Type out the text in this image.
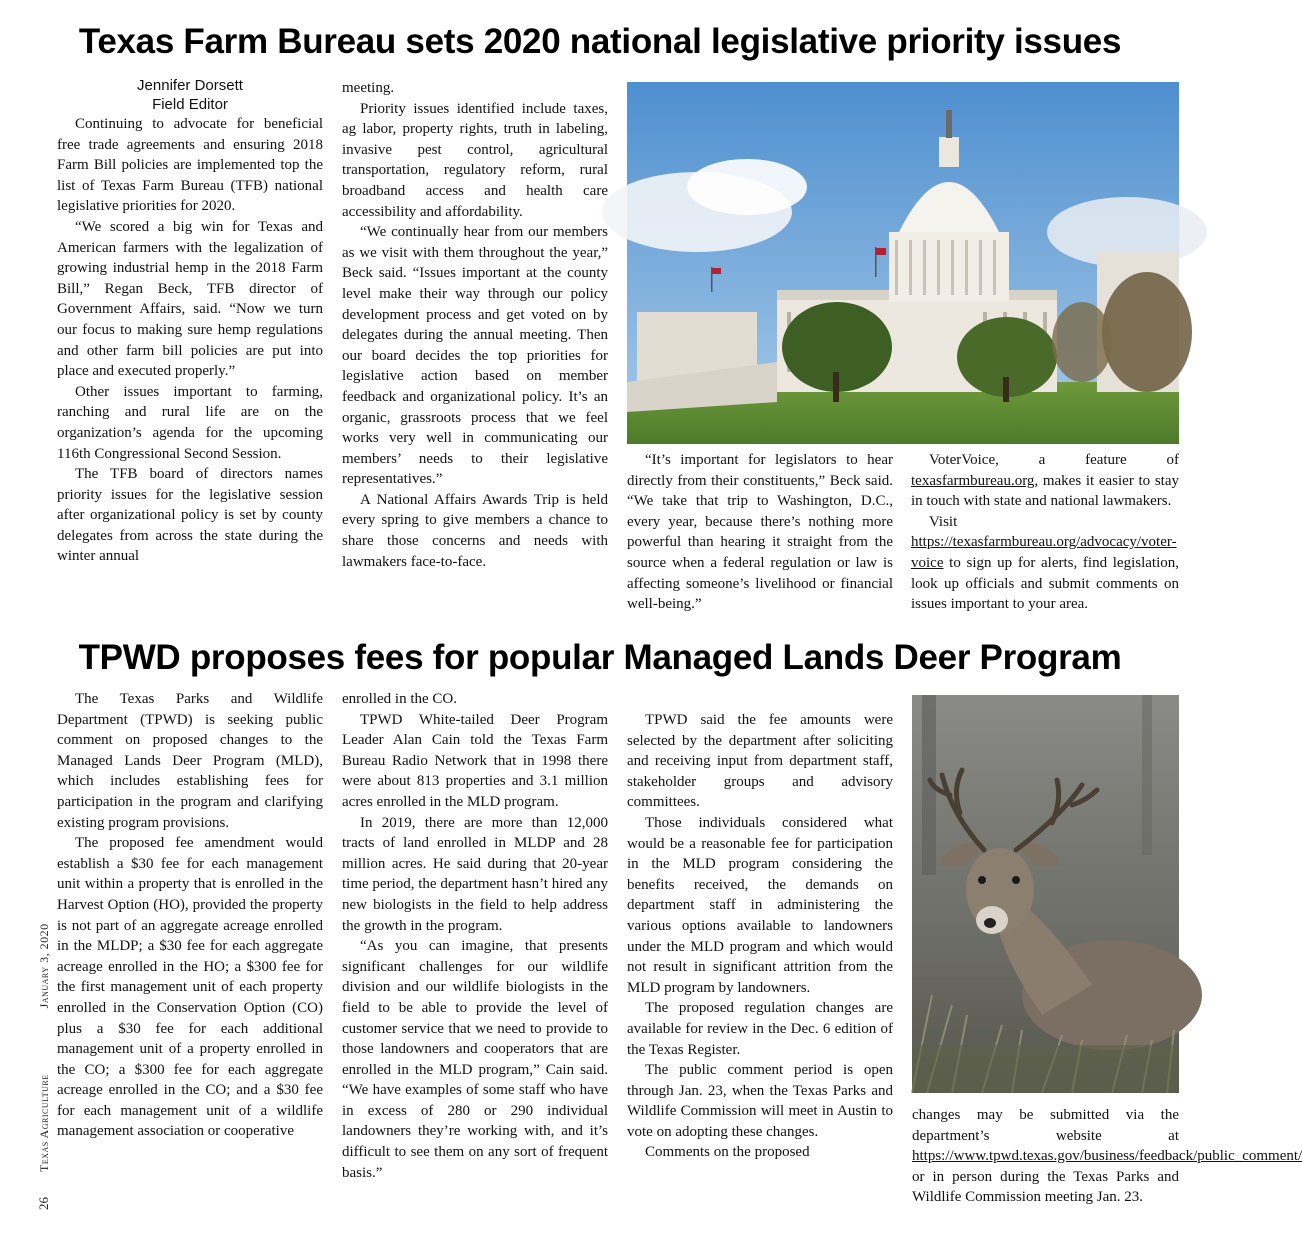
Texas Farm Bureau sets 2020 national legislative priority issues
Jennifer Dorsett
Field Editor

Continuing to advocate for beneficial free trade agreements and ensuring 2018 Farm Bill policies are implemented top the list of Texas Farm Bureau (TFB) national legislative priorities for 2020.

“We scored a big win for Texas and American farmers with the legalization of growing industrial hemp in the 2018 Farm Bill,” Regan Beck, TFB director of Government Affairs, said. “Now we turn our focus to making sure hemp regulations and other farm bill policies are put into place and executed properly.”

Other issues important to farming, ranching and rural life are on the organization’s agenda for the upcoming 116th Congressional Second Session.

The TFB board of directors names priority issues for the legislative session after organizational policy is set by county delegates from across the state during the winter annual

meeting.

Priority issues identified include taxes, ag labor, property rights, truth in labeling, invasive pest control, agricultural transportation, regulatory reform, rural broadband access and health care accessibility and affordability.

“We continually hear from our members as we visit with them throughout the year,” Beck said. “Issues important at the county level make their way through our policy development process and get voted on by delegates during the annual meeting. Then our board decides the top priorities for legislative action based on member feedback and organizational policy. It’s an organic, grassroots process that we feel works very well in communicating our members’ needs to their legislative representatives.”

A National Affairs Awards Trip is held every spring to give members a chance to share those concerns and needs with lawmakers face-to-face.

“It’s important for legislators to hear directly from their constituents,” Beck said. “We take that trip to Washington, D.C., every year, because there’s nothing more powerful than hearing it straight from the source when a federal regulation or law is affecting someone’s livelihood or financial well-being.”

VoterVoice, a feature of texasfarmbureau.org, makes it easier to stay in touch with state and national lawmakers.

Visit https://texasfarmbureau.org/advocacy/voter-voice to sign up for alerts, find legislation, look up officials and submit comments on issues important to your area.

TPWD proposes fees for popular Managed Lands Deer Program

The Texas Parks and Wildlife Department (TPWD) is seeking public comment on proposed changes to the Managed Lands Deer Program (MLD), which includes establishing fees for participation in the program and clarifying existing program provisions.

The proposed fee amendment would establish a $30 fee for each management unit within a property that is enrolled in the Harvest Option (HO), provided the property is not part of an aggregate acreage enrolled in the MLDP; a $30 fee for each aggregate acreage enrolled in the HO; a $300 fee for the first management unit of each property enrolled in the Conservation Option (CO) plus a $30 fee for each additional management unit of a property enrolled in the CO; a $300 fee for each aggregate acreage enrolled in the CO; and a $30 fee for each management unit of a wildlife management association or cooperative

enrolled in the CO.

TPWD White-tailed Deer Program Leader Alan Cain told the Texas Farm Bureau Radio Network that in 1998 there were about 813 properties and 3.1 million acres enrolled in the MLD program.

In 2019, there are more than 12,000 tracts of land enrolled in MLDP and 28 million acres. He said during that 20-year time period, the department hasn’t hired any new biologists in the field to help address the growth in the program.

“As you can imagine, that presents significant challenges for our wildlife division and our wildlife biologists in the field to be able to provide the level of customer service that we need to provide to those landowners and cooperators that are enrolled in the MLD program,” Cain said. “We have examples of some staff who have in excess of 280 or 290 individual landowners they’re working with, and it’s difficult to see them on any sort of frequent basis.”

TPWD said the fee amounts were selected by the department after soliciting and receiving input from department staff, stakeholder groups and advisory committees.

Those individuals considered what would be a reasonable fee for participation in the MLD program considering the benefits received, the demands on department staff in administering the various options available to landowners under the MLD program and which would not result in significant attrition from the MLD program by landowners.

The proposed regulation changes are available for review in the Dec. 6 edition of the Texas Register.

The public comment period is open through Jan. 23, when the Texas Parks and Wildlife Commission will meet in Austin to vote on adopting these changes.

Comments on the proposed

changes may be submitted via the department’s website at https://www.tpwd.texas.gov/business/feedback/public_comment/ or in person during the Texas Parks and Wildlife Commission meeting Jan. 23.

26 Texas Agriculture  January 3, 2020
